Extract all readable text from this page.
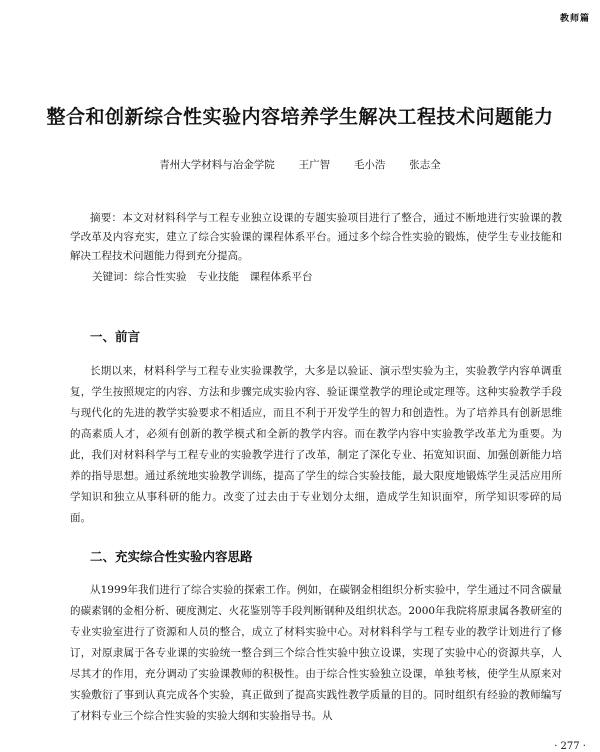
教师篇
整合和创新综合性实验内容培养学生解决工程技术问题能力
青州大学材料与冶金学院　 王广智　 毛小浩　 张志全

摘要：本文对材料科学与工程专业独立设课的专题实验项目进行了整合，通过不断地进行实验课的教学改革及内容充实，建立了综合实验课的课程体系平台。通过多个综合性实验的锻炼，使学生专业技能和解决工程技术问题能力得到充分提高。

关键词：综合性实验　专业技能　课程体系平台
一、前言

长期以来，材料科学与工程专业实验课教学，大多是以验证、演示型实验为主，实验教学内容单调重复，学生按照规定的内容、方法和步骤完成实验内容、验证课堂教学的理论或定理等。这种实验教学手段与现代化的先进的教学实验要求不相适应，而且不利于开发学生的智力和创造性。为了培养具有创新思维的高素质人才，必须有创新的教学模式和全新的教学内容。而在教学内容中实验教学改革尤为重要。为此，我们对材料科学与工程专业的实验教学进行了改革，制定了深化专业、拓宽知识面、加强创新能力培养的指导思想。通过系统地实验教学训练，提高了学生的综合实验技能，最大限度地锻炼学生灵活应用所学知识和独立从事科研的能力。改变了过去由于专业划分太细，造成学生知识面窄，所学知识零碎的局面。

二、充实综合性实验内容思路

从1999年我们进行了综合实验的探索工作。例如，在碳钢金相组织分析实验中，学生通过不同含碳量的碳素钢的金相分析、硬度测定、火花鉴别等手段判断钢种及组织状态。2000年我院将原隶属各教研室的专业实验室进行了资源和人员的整合，成立了材料实验中心。对材料科学与工程专业的教学计划进行了修订，对原隶属于各专业课的实验统一整合到三个综合性实验中独立设课，实现了实验中心的资源共享，人尽其才的作用，充分调动了实验课教师的积极性。由于综合性实验独立设课，单独考核，使学生从原来对实验敷衍了事到认真完成各个实验，真正做到了提高实践性教学质量的目的。同时组织有经验的教师编写了材料专业三个综合性实验的实验大纲和实验指导书。从

· 277 ·
